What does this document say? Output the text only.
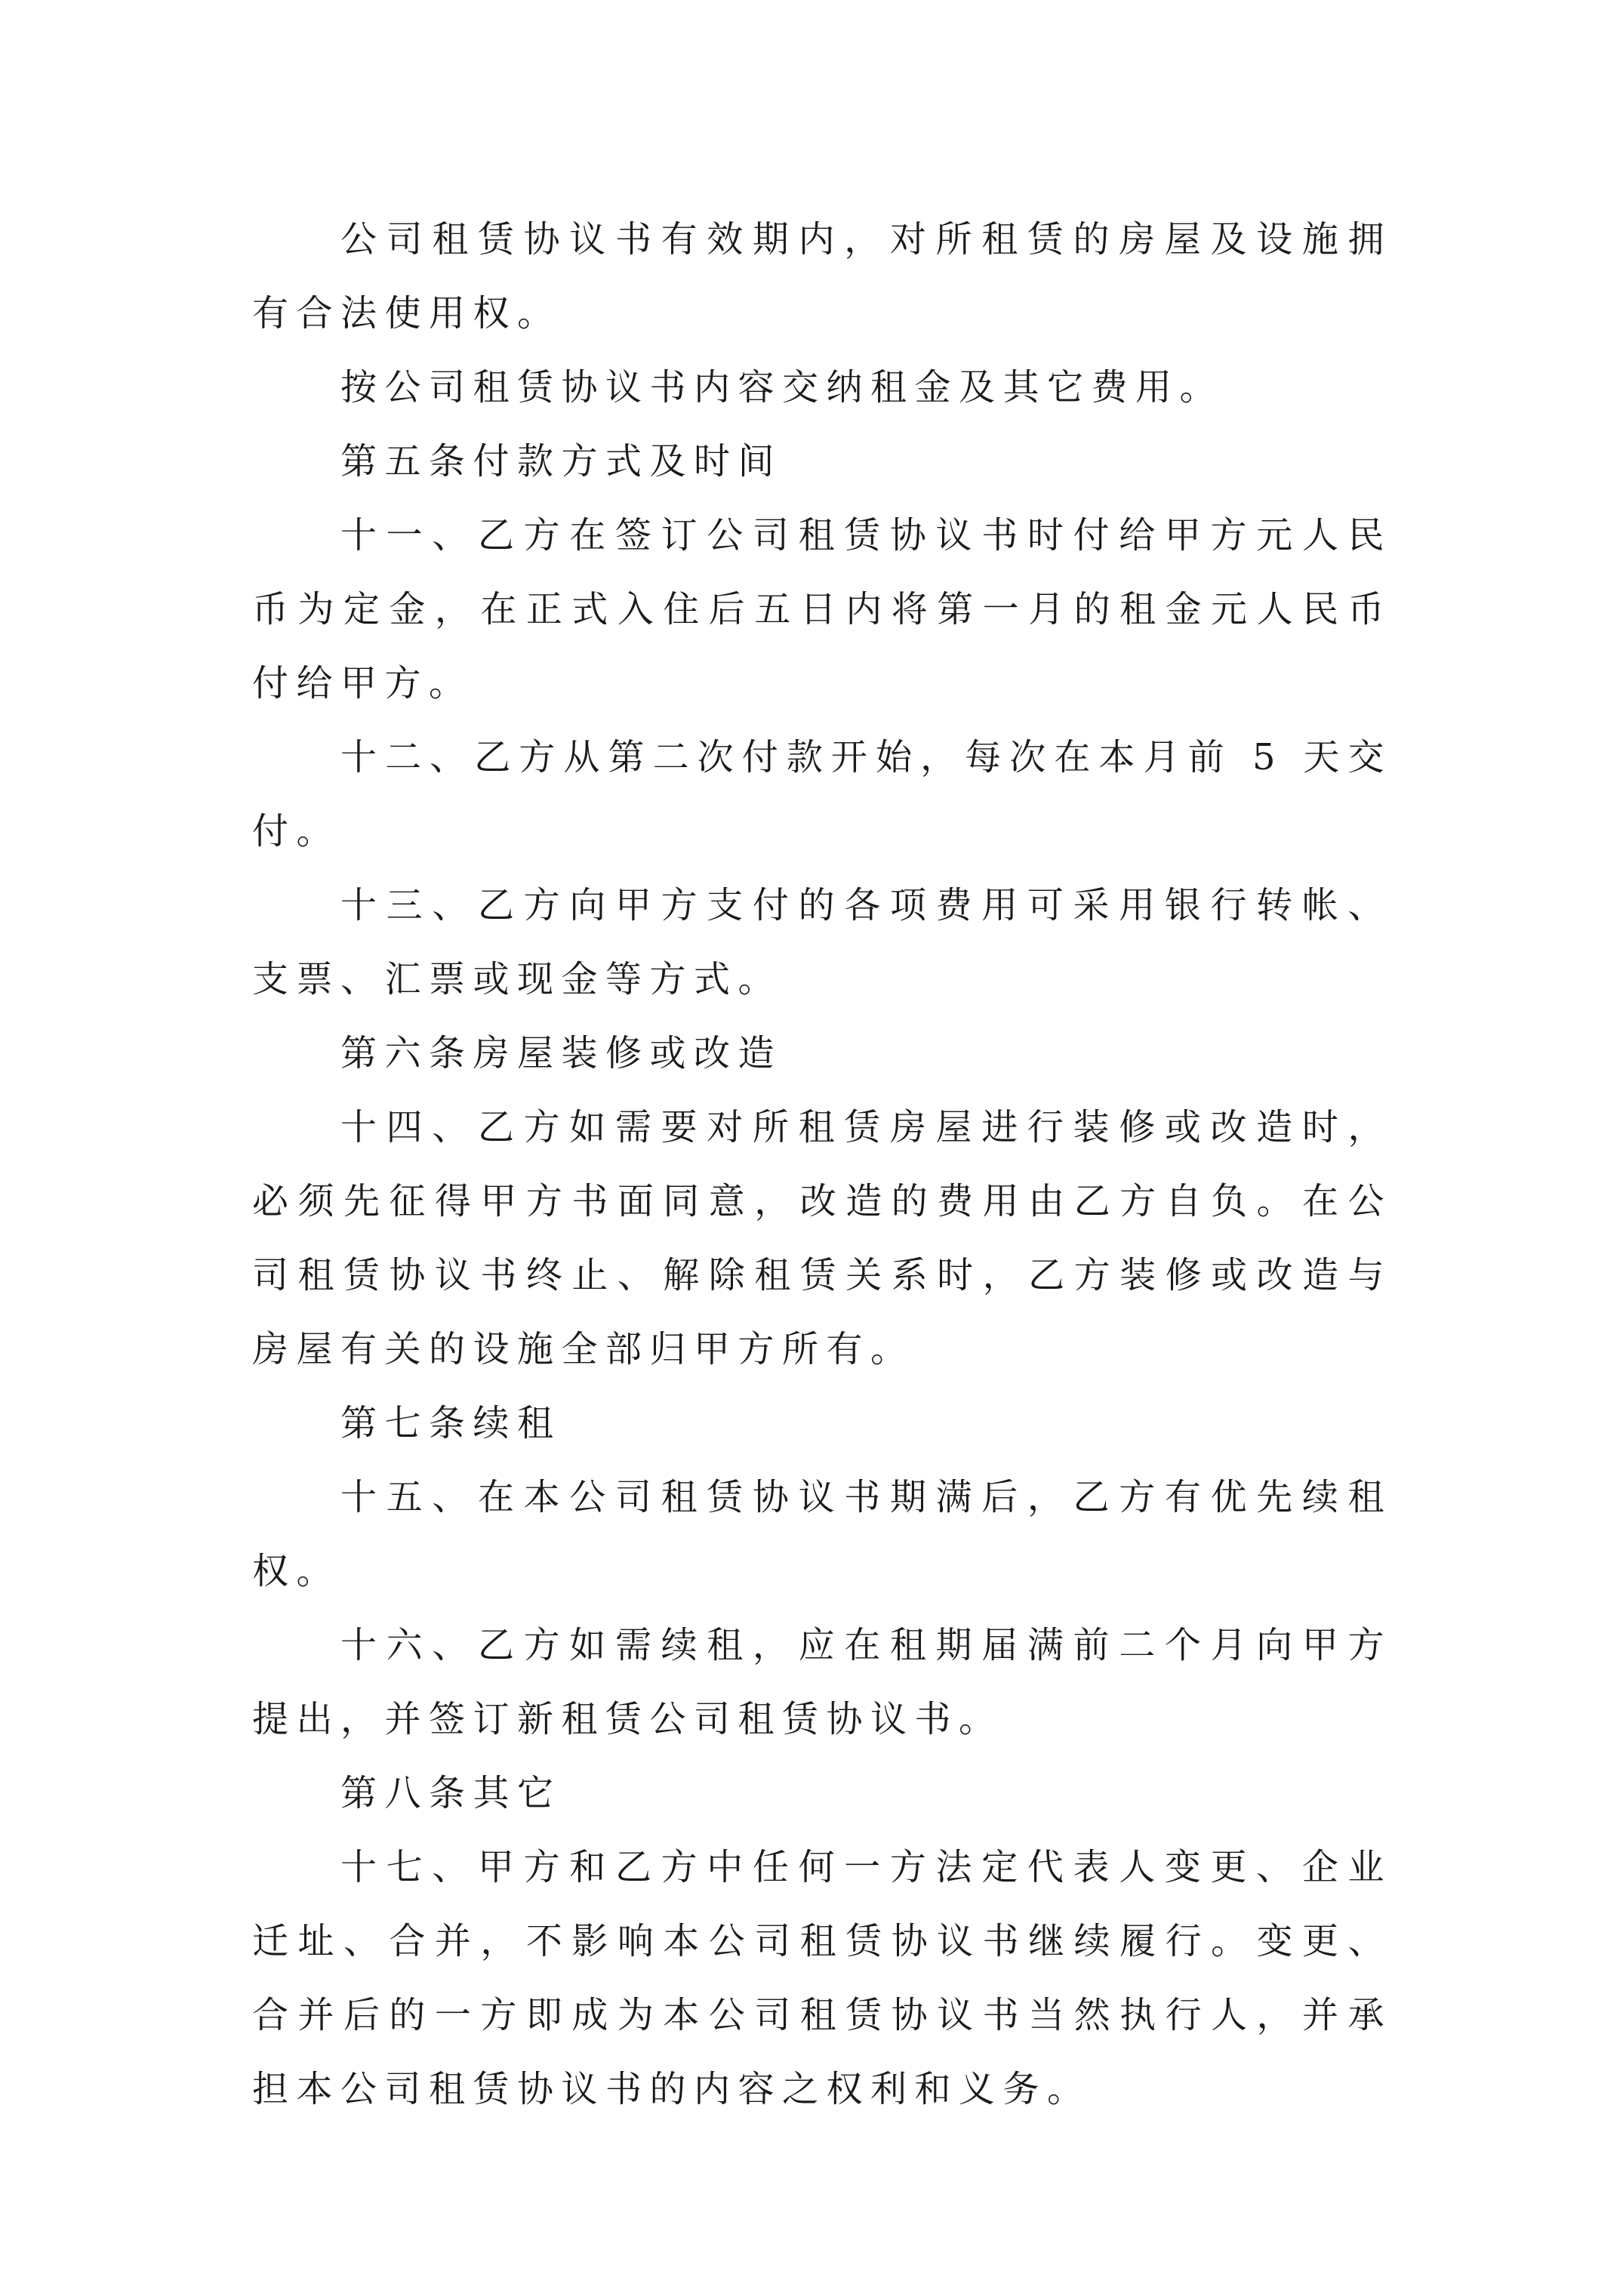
公司租赁协议书有效期内，对所租赁的房屋及设施拥有合法使用权。

按公司租赁协议书内容交纳租金及其它费用。

第五条付款方式及时间

十一、乙方在签订公司租赁协议书时付给甲方元人民币为定金，在正式入住后五日内将第一月的租金元人民币付给甲方。

十二、乙方从第二次付款开始，每次在本月前 5 天交付。

十三、乙方向甲方支付的各项费用可采用银行转帐、支票、汇票或现金等方式。

第六条房屋装修或改造

十四、乙方如需要对所租赁房屋进行装修或改造时，必须先征得甲方书面同意，改造的费用由乙方自负。在公司租赁协议书终止、解除租赁关系时，乙方装修或改造与房屋有关的设施全部归甲方所有。

第七条续租

十五、在本公司租赁协议书期满后，乙方有优先续租权。

十六、乙方如需续租，应在租期届满前二个月向甲方提出，并签订新租赁公司租赁协议书。

第八条其它

十七、甲方和乙方中任何一方法定代表人变更、企业迁址、合并，不影响本公司租赁协议书继续履行。变更、合并后的一方即成为本公司租赁协议书当然执行人，并承担本公司租赁协议书的内容之权利和义务。
